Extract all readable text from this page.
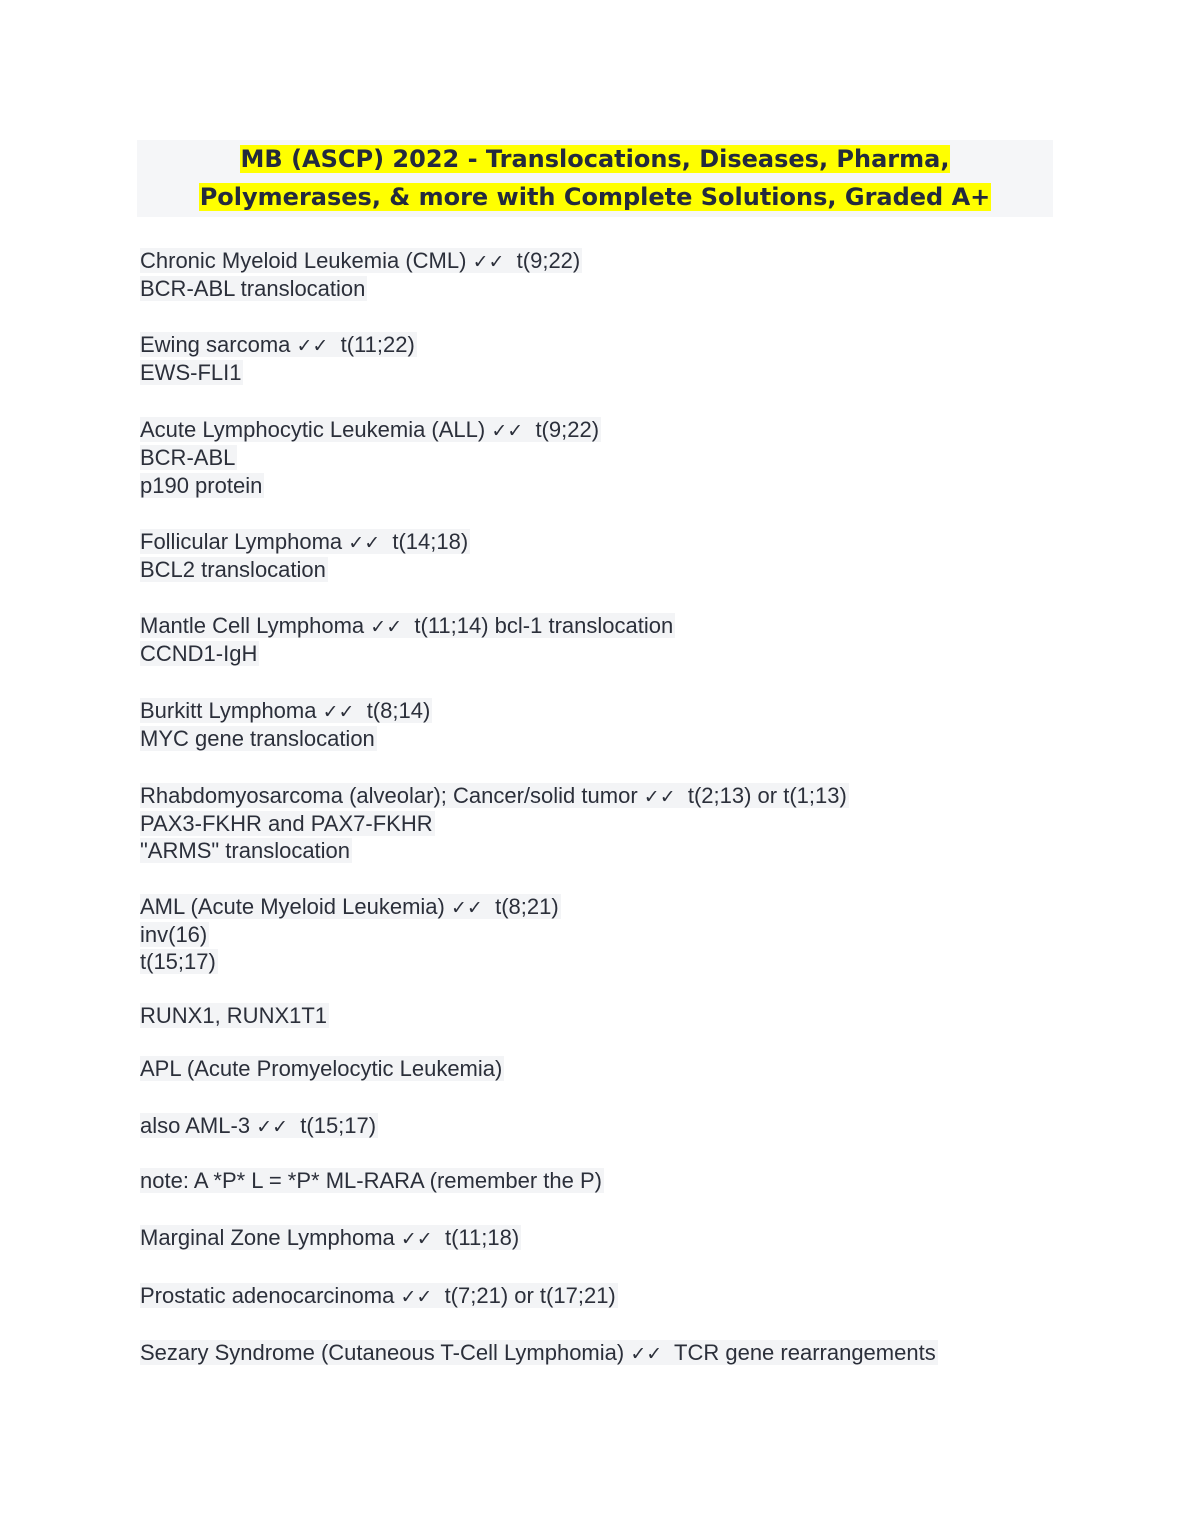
MB (ASCP) 2022 - Translocations, Diseases, Pharma,
Polymerases, & more with Complete Solutions, Graded A+
Chronic Myeloid Leukemia (CML) ✓✓ t(9;22)
BCR-ABL translocation
Ewing sarcoma ✓✓ t(11;22)
EWS-FLI1
Acute Lymphocytic Leukemia (ALL) ✓✓ t(9;22)
BCR-ABL
p190 protein
Follicular Lymphoma ✓✓ t(14;18)
BCL2 translocation
Mantle Cell Lymphoma ✓✓ t(11;14) bcl-1 translocation
CCND1-IgH
Burkitt Lymphoma ✓✓ t(8;14)
MYC gene translocation
Rhabdomyosarcoma (alveolar); Cancer/solid tumor ✓✓ t(2;13) or t(1;13)
PAX3-FKHR and PAX7-FKHR
"ARMS" translocation
AML (Acute Myeloid Leukemia) ✓✓ t(8;21)
inv(16)
t(15;17)
RUNX1, RUNX1T1
APL (Acute Promyelocytic Leukemia)
also AML-3 ✓✓ t(15;17)
note: A *P* L = *P* ML-RARA (remember the P)
Marginal Zone Lymphoma ✓✓ t(11;18)
Prostatic adenocarcinoma ✓✓ t(7;21) or t(17;21)
Sezary Syndrome (Cutaneous T-Cell Lymphomia) ✓✓ TCR gene rearrangements
